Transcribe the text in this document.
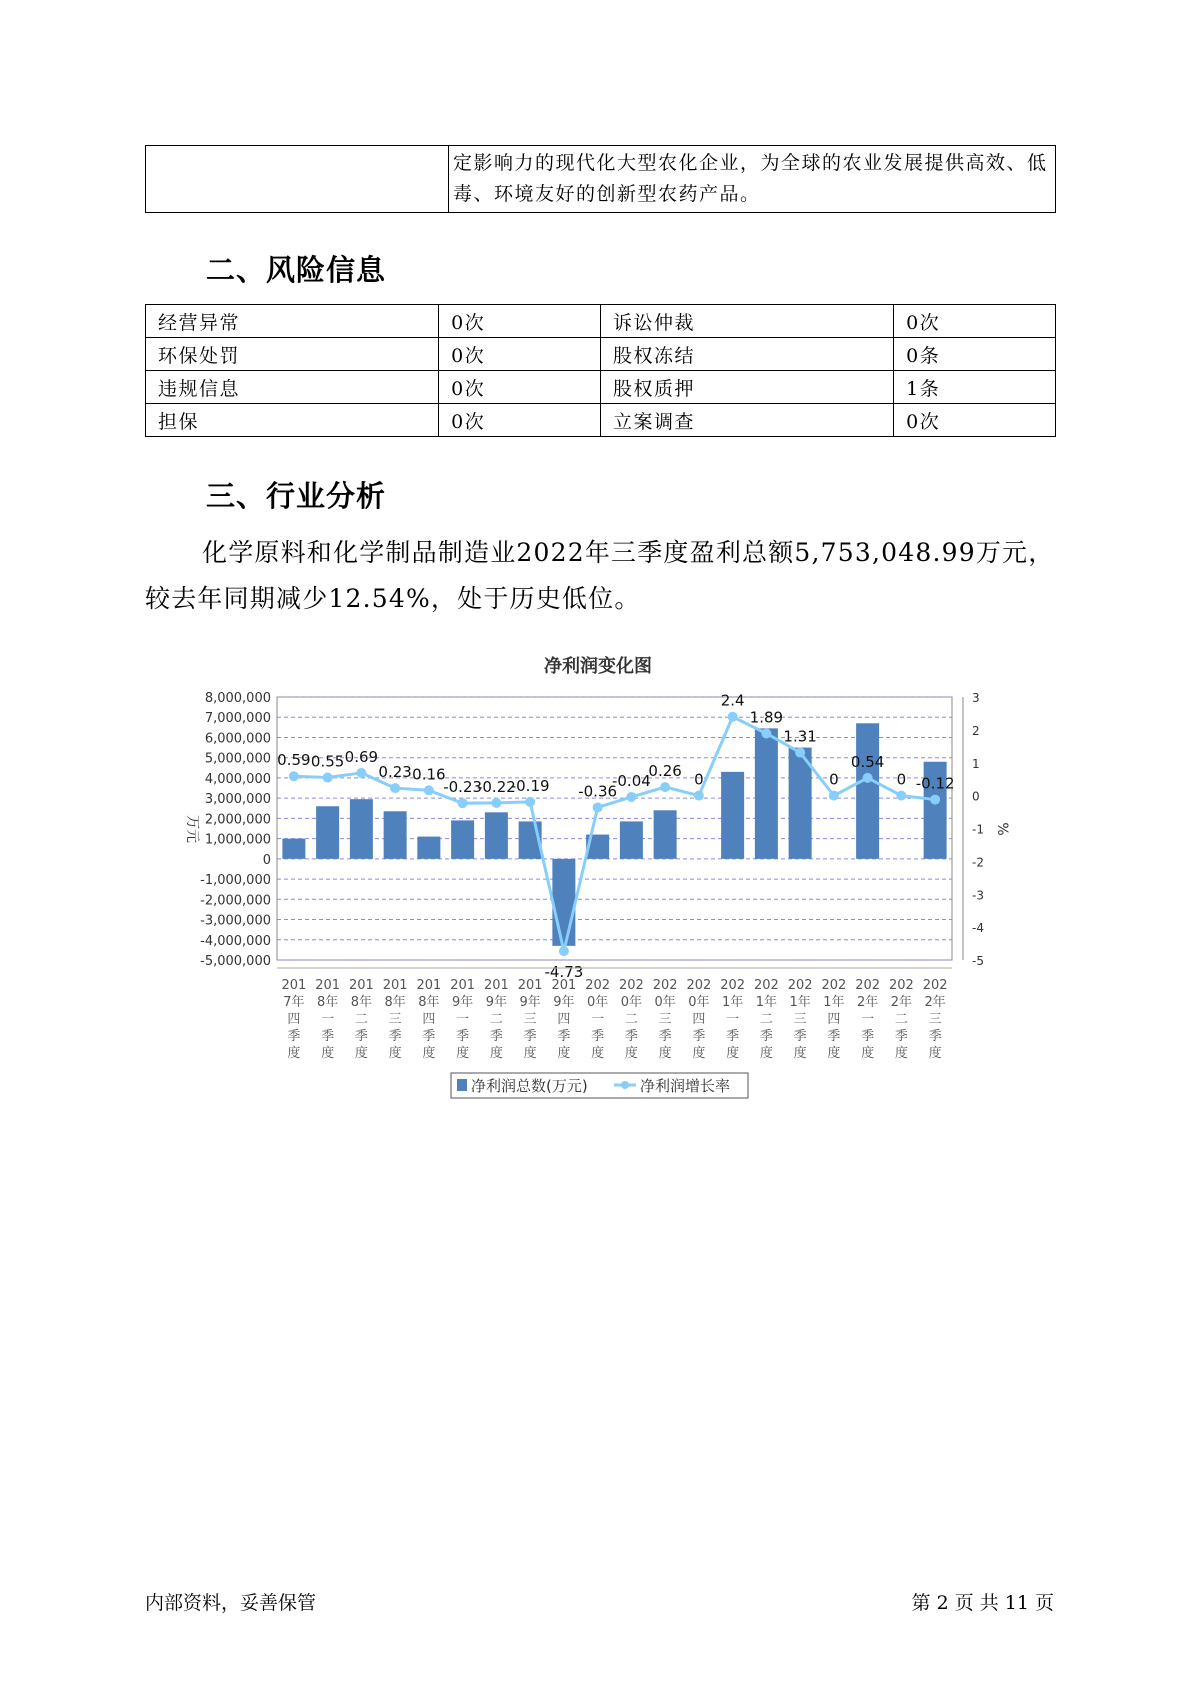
	定影响力的现代化大型农化企业，为全球的农业发展提供高效、低毒、环境友好的创新型农药产品。
二、风险信息
经营异常	0次	诉讼仲裁	0次
环保处罚	0次	股权冻结	0条
违规信息	0次	股权质押	1条
担保	0次	立案调查	0次
三、行业分析
化学原料和化学制品制造业2022年三季度盈利总额5,753,048.99万元，较去年同期减少12.54%，处于历史低位。
净利润变化图
8,000,000
7,000,000
6,000,000
5,000,000
4,000,000
3,000,000
2,000,000
1,000,000
0
-1,000,000
-2,000,000
-3,000,000
-4,000,000
-5,000,000
3
2
1
0
-1
-2
-3
-4
-5
0.59 0.55 0.69
0.23 0.16
-0.23
-0.22
-0.19
-4.73
-0.36
-0.04
0.26 0
2.4
1.89
1.31
0
0.54
0 -0.12
201
7年
四
季
度
201
8年
一
季
度
201
8年
二
季
度
201
8年
三
季
度
201
8年
四
季
度
201
9年
一
季
度
201
9年
二
季
度
201
9年
三
季
度
201
9年
四
季
度
202
0年
一
季
度
202
0年
二
季
度
202
0年
三
季
度
202
0年
四
季
度
202
1年
一
季
度
202
1年
二
季
度
202
1年
三
季
度
202
1年
四
季
度
202
2年
一
季
度
202
2年
二
季
度
202
2年
三
季
度
万元	%
净利润总数(万元)	净利润增长率
内部资料，妥善保管	第 2 页 共 11 页
